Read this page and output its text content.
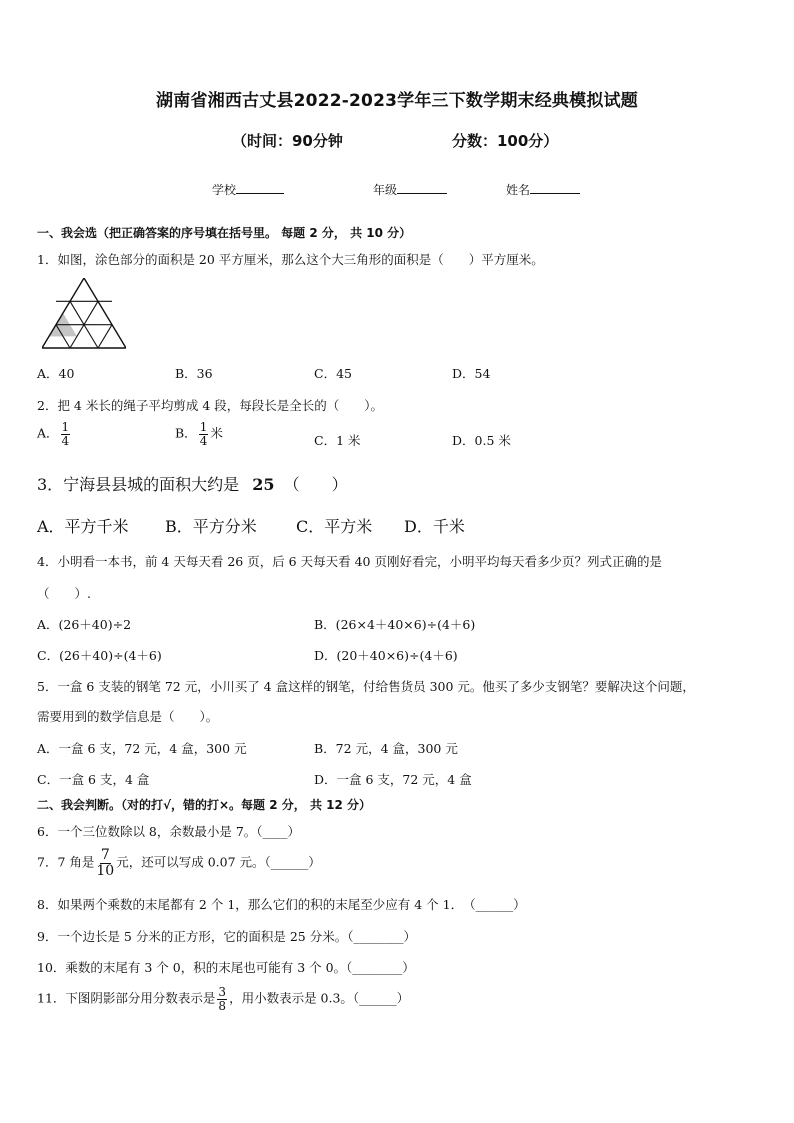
湖南省湘西古丈县2022-2023学年三下数学期末经典模拟试题
（时间：90分钟	分数：100分）
学校	年级	姓名
一、我会选（把正确答案的序号填在括号里。 每题 2 分， 共 10 分）
1．如图，涂色部分的面积是 20 平方厘米，那么这个大三角形的面积是（　　）平方厘米。
A．40	B．36	C．45	D．54
2．把 4 米长的绳子平均剪成 4 段，每段长是全长的（　　）。
A． $\frac{1}{4}$	B． $\frac{1}{4}$ 米	C．1 米	D．0.5 米
3．宁海县县城的面积大约是 25 （　　）
A．平方千米 B．平方分米 C．平方米 D．千米
4．小明看一本书，前 4 天每天看 26 页，后 6 天每天看 40 页刚好看完，小明平均每天看多少页？列式正确的是
（　　）.
A．(26＋40)÷2	B．(26×4＋40×6)÷(4＋6)
C．(26＋40)÷(4＋6)	D．(20＋40×6)÷(4＋6)
5．一盒 6 支装的钢笔 72 元，小川买了 4 盒这样的钢笔，付给售货员 300 元。他买了多少支钢笔？要解决这个问题，
需要用到的数学信息是（　　）。
A．一盒 6 支，72 元，4 盒，300 元	B．72 元，4 盒，300 元
C．一盒 6 支，4 盒	D．一盒 6 支，72 元，4 盒
二、我会判断。（对的打√，错的打×。每题 2 分， 共 12 分）
6．一个三位数除以 8，余数最小是 7。（____）
7．7 角是 $\frac{7}{10}$ 元，还可以写成 0.07 元。（______）
8．如果两个乘数的末尾都有 2 个 1，那么它们的积的末尾至少应有 4 个 1．　（______）
9．一个边长是 5 分米的正方形，它的面积是 25 分米。（________）
10．乘数的末尾有 3 个 0，积的末尾也可能有 3 个 0。（________）
11．下图阴影部分用分数表示是 $\frac{3}{8}$ ，用小数表示是 0.3。（______）
